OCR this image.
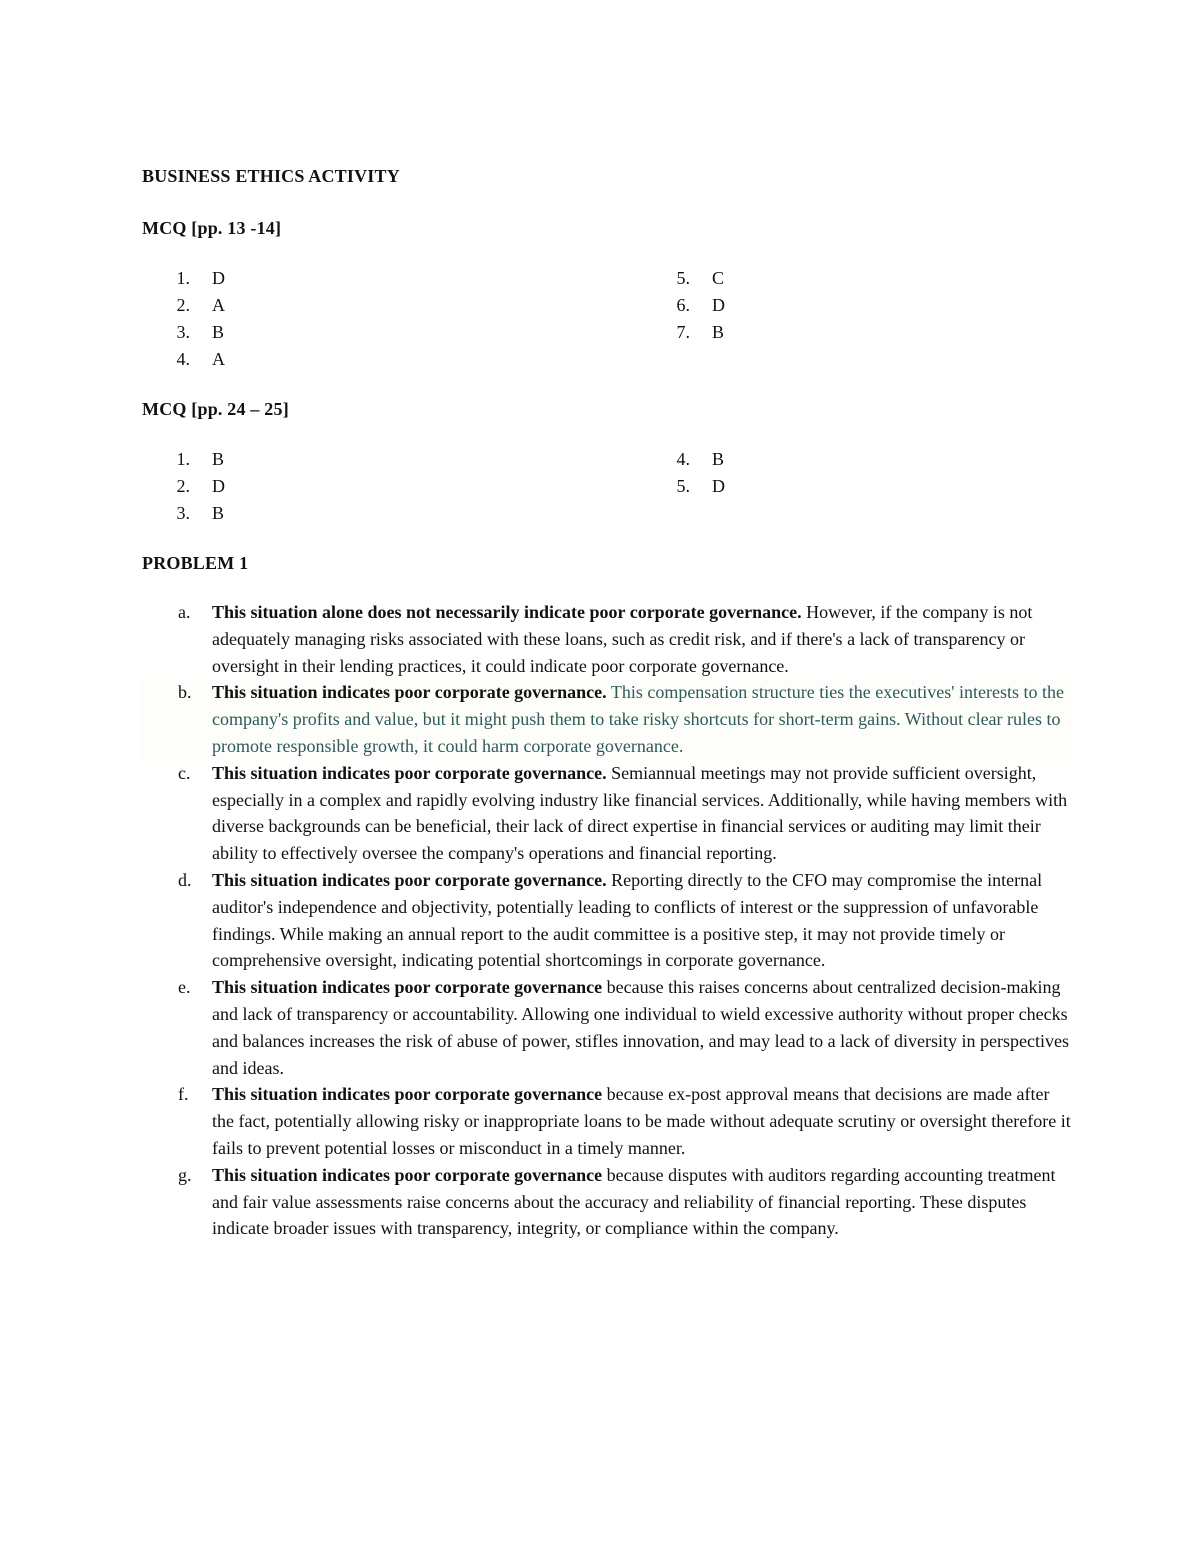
BUSINESS ETHICS ACTIVITY
MCQ [pp. 13 -14]
1. D
2. A
3. B
4. A
5. C
6. D
7. B
MCQ [pp. 24 – 25]
1. B
2. D
3. B
4. B
5. D
PROBLEM 1
a. This situation alone does not necessarily indicate poor corporate governance. However, if the company is not adequately managing risks associated with these loans, such as credit risk, and if there's a lack of transparency or oversight in their lending practices, it could indicate poor corporate governance.
b. This situation indicates poor corporate governance. This compensation structure ties the executives' interests to the company's profits and value, but it might push them to take risky shortcuts for short-term gains. Without clear rules to promote responsible growth, it could harm corporate governance.
c. This situation indicates poor corporate governance. Semiannual meetings may not provide sufficient oversight, especially in a complex and rapidly evolving industry like financial services. Additionally, while having members with diverse backgrounds can be beneficial, their lack of direct expertise in financial services or auditing may limit their ability to effectively oversee the company's operations and financial reporting.
d. This situation indicates poor corporate governance. Reporting directly to the CFO may compromise the internal auditor's independence and objectivity, potentially leading to conflicts of interest or the suppression of unfavorable findings. While making an annual report to the audit committee is a positive step, it may not provide timely or comprehensive oversight, indicating potential shortcomings in corporate governance.
e. This situation indicates poor corporate governance because this raises concerns about centralized decision-making and lack of transparency or accountability. Allowing one individual to wield excessive authority without proper checks and balances increases the risk of abuse of power, stifles innovation, and may lead to a lack of diversity in perspectives and ideas.
f. This situation indicates poor corporate governance because ex-post approval means that decisions are made after the fact, potentially allowing risky or inappropriate loans to be made without adequate scrutiny or oversight therefore it fails to prevent potential losses or misconduct in a timely manner.
g. This situation indicates poor corporate governance because disputes with auditors regarding accounting treatment and fair value assessments raise concerns about the accuracy and reliability of financial reporting. These disputes indicate broader issues with transparency, integrity, or compliance within the company.
